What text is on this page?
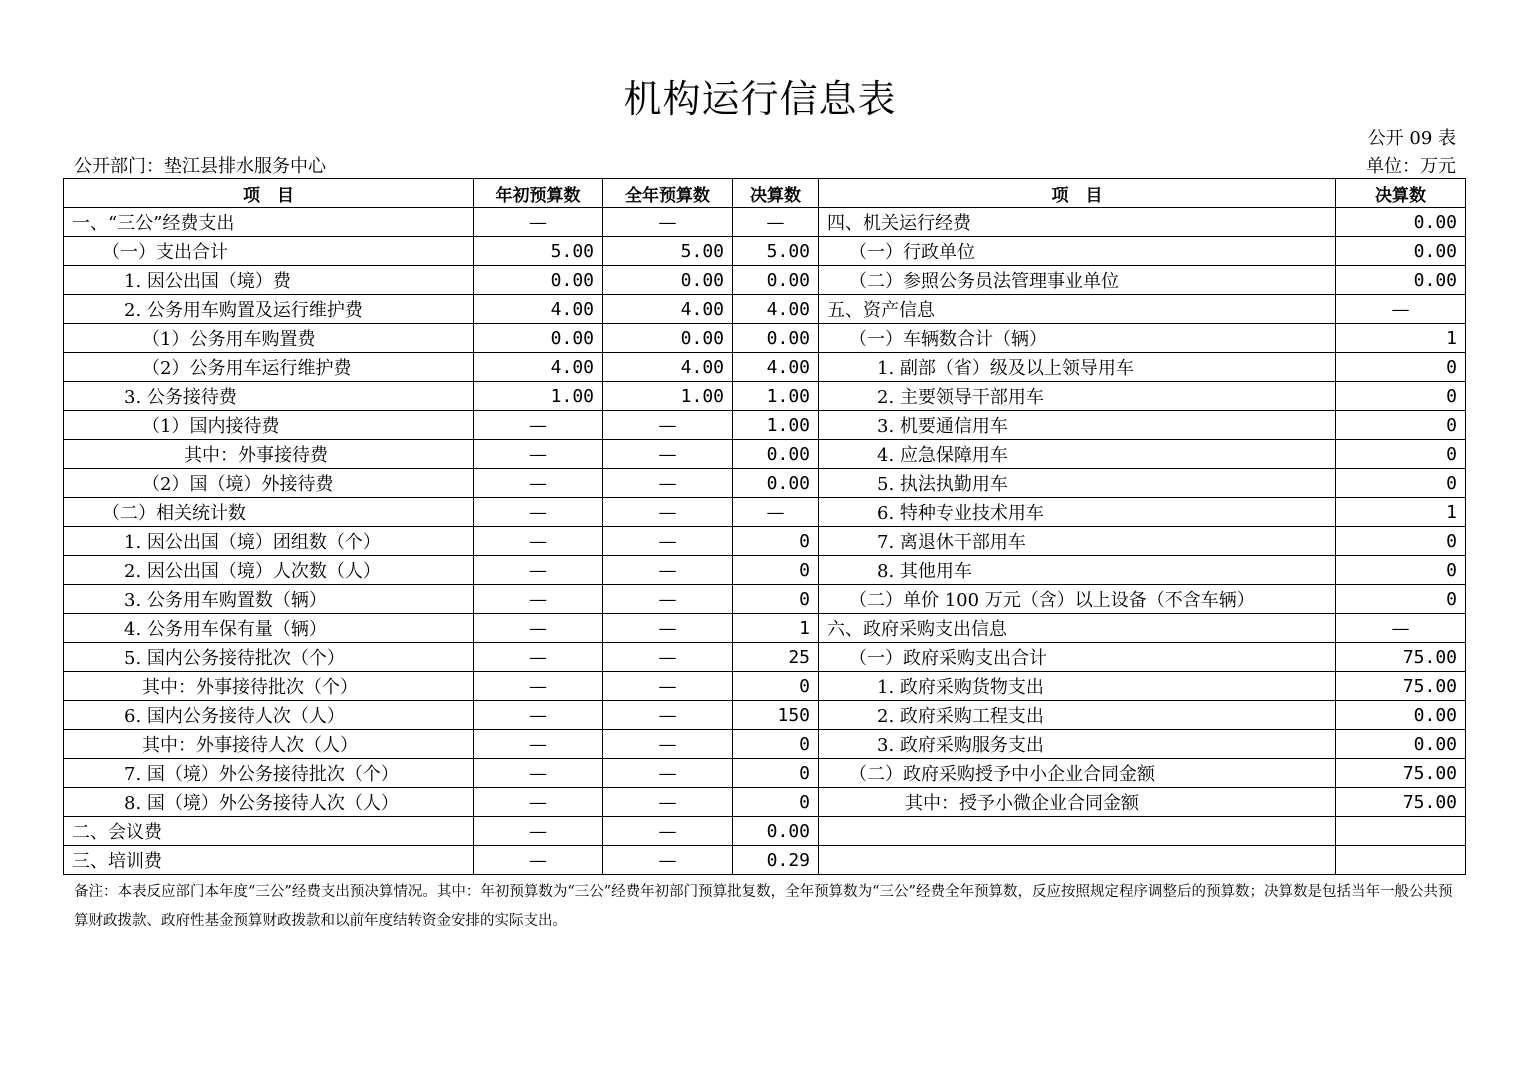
机构运行信息表
公开 09 表
公开部门：垫江县排水服务中心	单位：万元
项　目	年初预算数	全年预算数	决算数	项　目	决算数
一、“三公”经费支出	—	—	—	四、机关运行经费	0.00
（一）支出合计	5.00	5.00	5.00	（一）行政单位	0.00
1. 因公出国（境）费	0.00	0.00	0.00	（二）参照公务员法管理事业单位	0.00
2. 公务用车购置及运行维护费	4.00	4.00	4.00	五、资产信息	—
（1）公务用车购置费	0.00	0.00	0.00	（一）车辆数合计（辆）	1
（2）公务用车运行维护费	4.00	4.00	4.00	1. 副部（省）级及以上领导用车	0
3. 公务接待费	1.00	1.00	1.00	2. 主要领导干部用车	0
（1）国内接待费	—	—	1.00	3. 机要通信用车	0
其中：外事接待费	—	—	0.00	4. 应急保障用车	0
（2）国（境）外接待费	—	—	0.00	5. 执法执勤用车	0
（二）相关统计数	—	—	—	6. 特种专业技术用车	1
1. 因公出国（境）团组数（个）	—	—	0	7. 离退休干部用车	0
2. 因公出国（境）人次数（人）	—	—	0	8. 其他用车	0
3. 公务用车购置数（辆）	—	—	0	（二）单价 100 万元（含）以上设备（不含车辆）	0
4. 公务用车保有量（辆）	—	—	1	六、政府采购支出信息	—
5. 国内公务接待批次（个）	—	—	25	（一）政府采购支出合计	75.00
其中：外事接待批次（个）	—	—	0	1. 政府采购货物支出	75.00
6. 国内公务接待人次（人）	—	—	150	2. 政府采购工程支出	0.00
其中：外事接待人次（人）	—	—	0	3. 政府采购服务支出	0.00
7. 国（境）外公务接待批次（个）	—	—	0	（二）政府采购授予中小企业合同金额	75.00
8. 国（境）外公务接待人次（人）	—	—	0	其中：授予小微企业合同金额	75.00
二、会议费	—	—	0.00		
三、培训费	—	—	0.29		
备注：本表反应部门本年度“三公”经费支出预决算情况。其中：年初预算数为“三公”经费年初部门预算批复数，全年预算数为“三公”经费全年预算数，反应按照规定程序调整后的预算数；决算数是包括当年一般公共预算财政拨款、政府性基金预算财政拨款和以前年度结转资金安排的实际支出。
